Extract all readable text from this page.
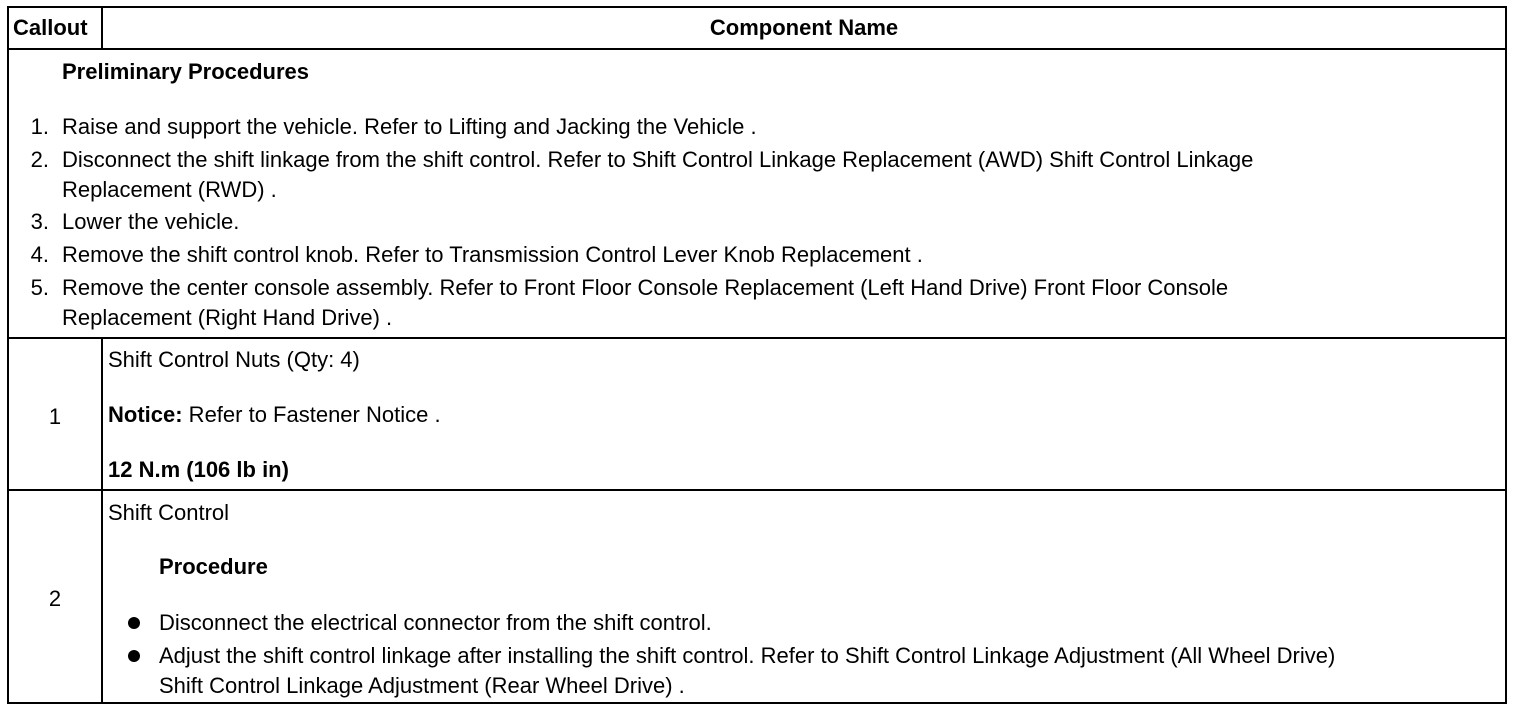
Callout	Component Name
Preliminary Procedures
1. Raise and support the vehicle. Refer to Lifting and Jacking the Vehicle .
2. Disconnect the shift linkage from the shift control. Refer to Shift Control Linkage Replacement (AWD) Shift Control Linkage
Replacement (RWD) .
3. Lower the vehicle.
4. Remove the shift control knob. Refer to Transmission Control Lever Knob Replacement .
5. Remove the center console assembly. Refer to Front Floor Console Replacement (Left Hand Drive) Front Floor Console
Replacement (Right Hand Drive) .
1
Shift Control Nuts (Qty: 4)
Notice: Refer to Fastener Notice .
12 N.m (106 lb in)
2
Shift Control
Procedure
Disconnect the electrical connector from the shift control.
Adjust the shift control linkage after installing the shift control. Refer to Shift Control Linkage Adjustment (All Wheel Drive)
Shift Control Linkage Adjustment (Rear Wheel Drive) .
